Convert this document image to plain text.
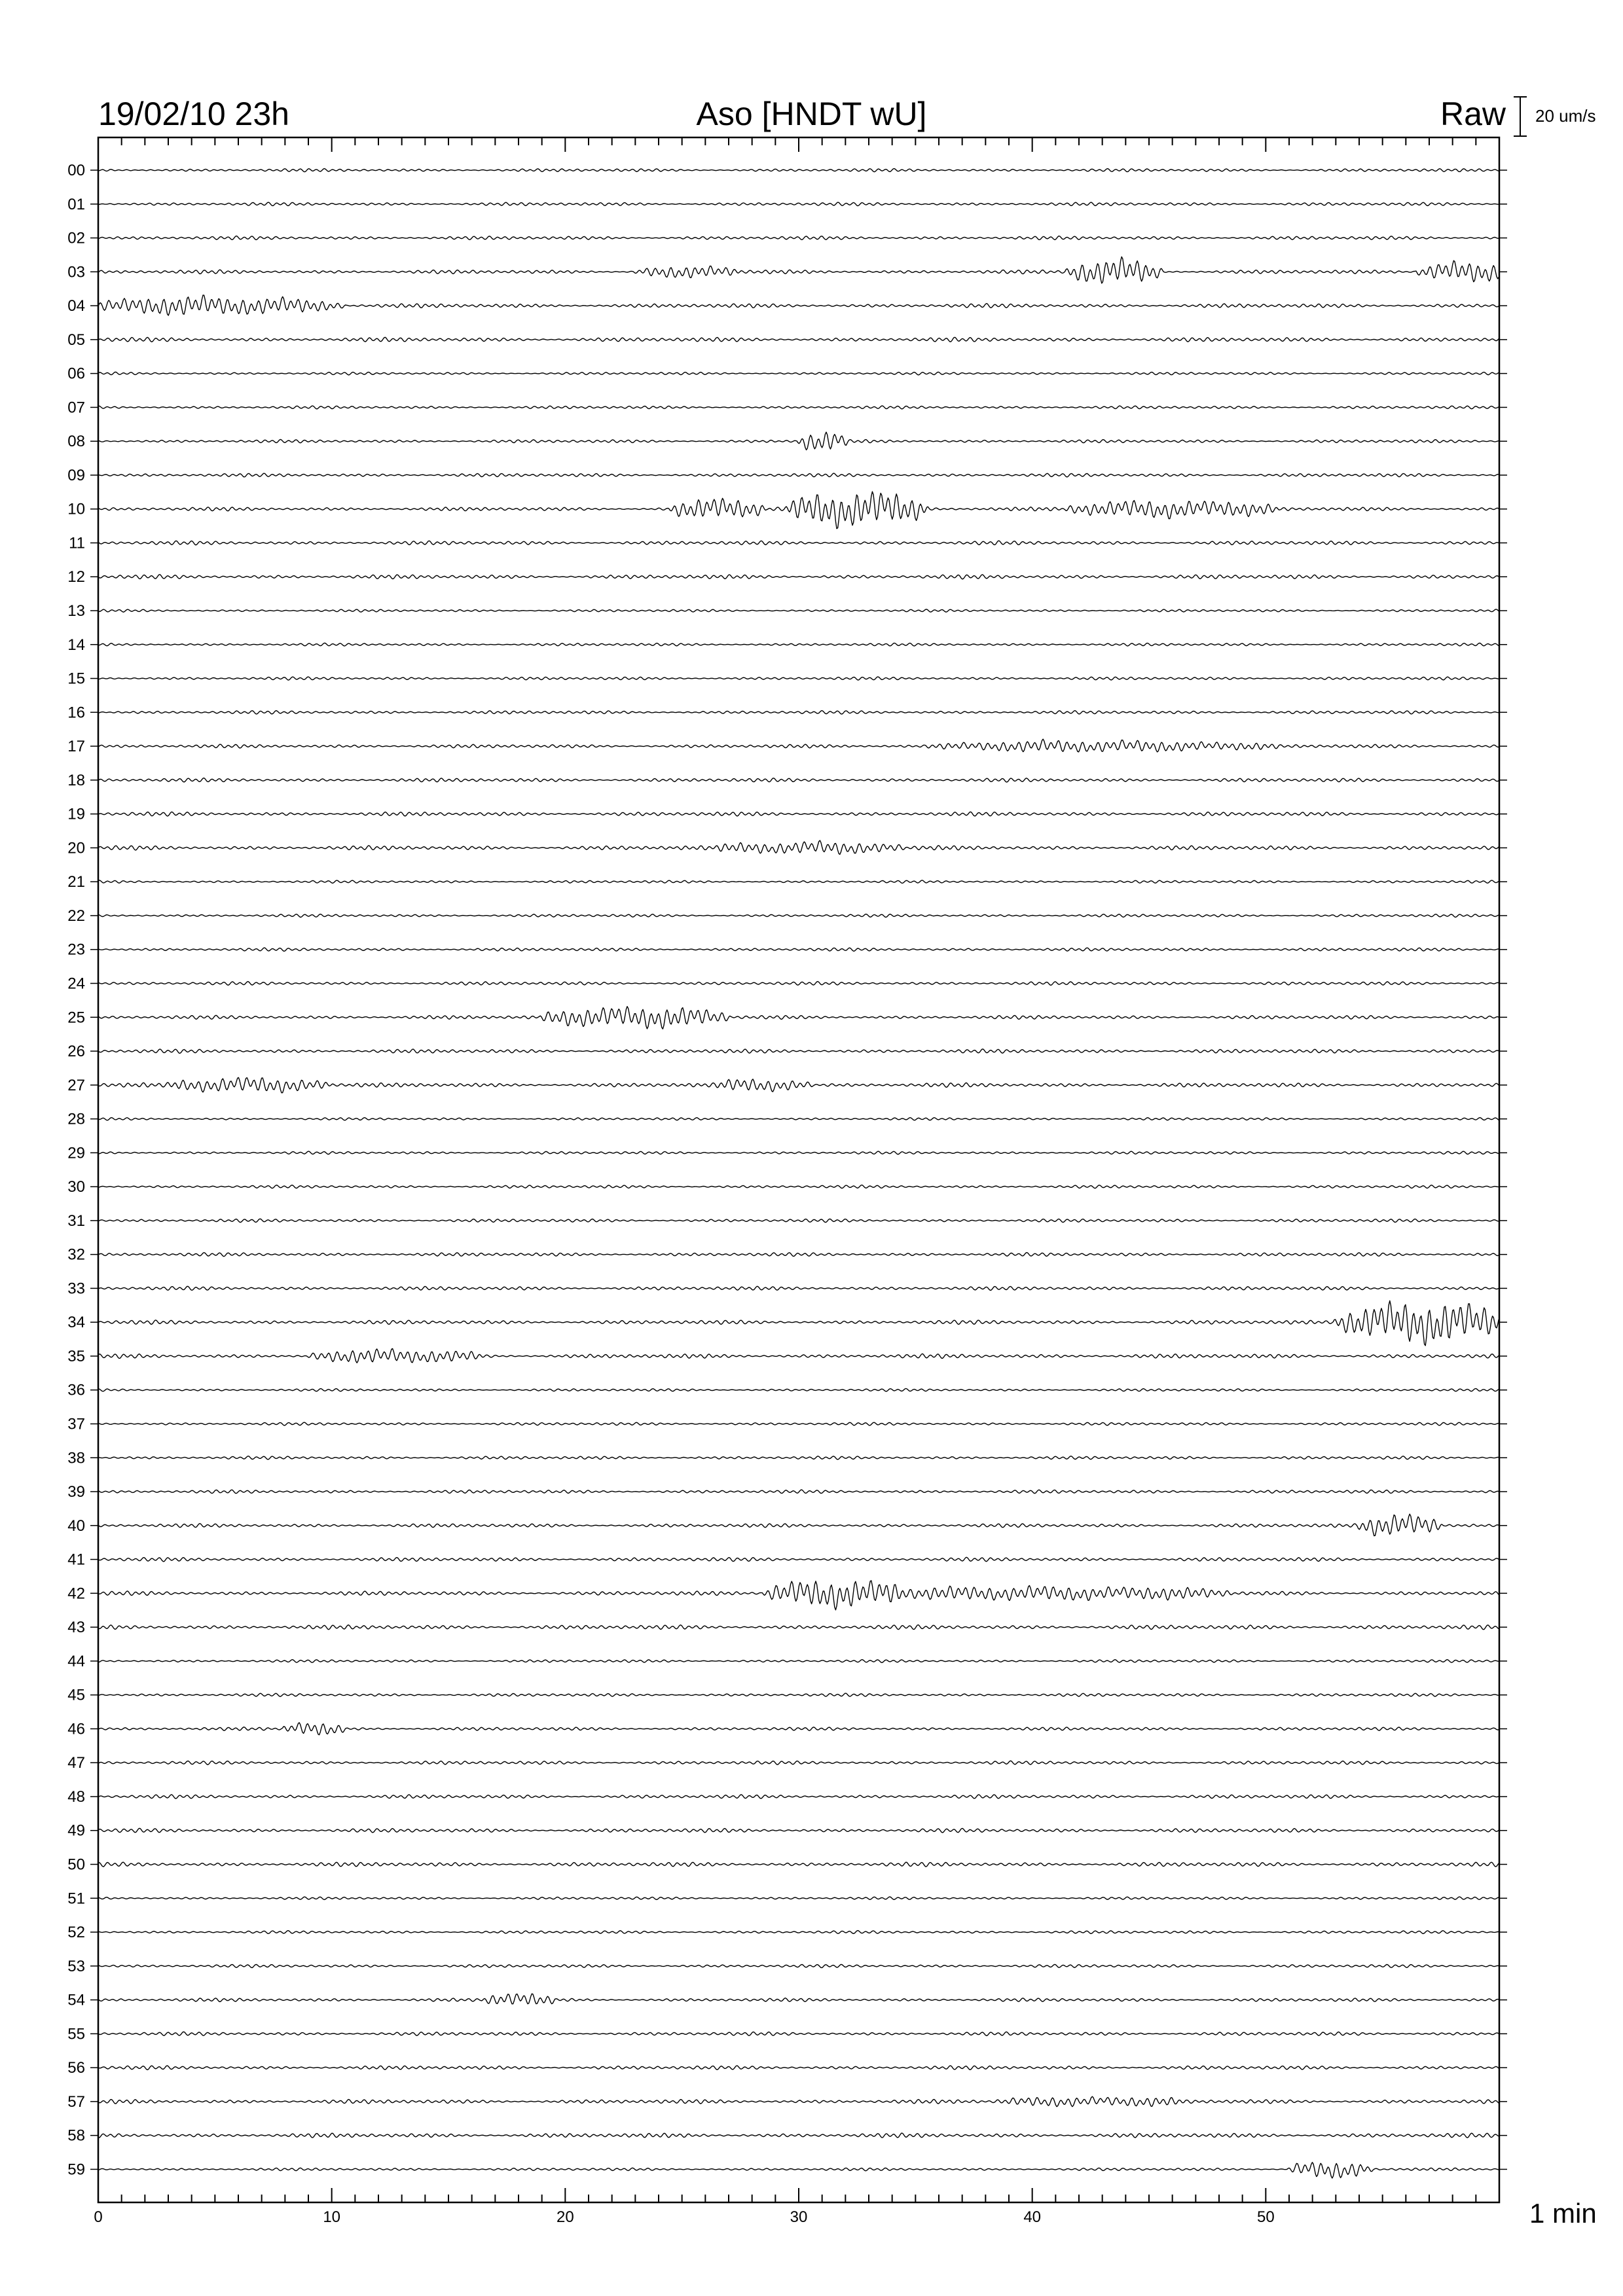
19/02/10 23h	Aso [HNDT wU]	Raw 20 um/s
0	10	20	30	40	50
00
01
02
03
04
05
06
07
08
09
10
11
12
13
14
15
16
17
18
19
20
21
22
23
24
25
26
27
28
29
30
31
32
33
34
35
36
37
38
39
40
41
42
43
44
45
46
47
48
49
50
51
52
53
54
55
56
57
58
59
1 min
